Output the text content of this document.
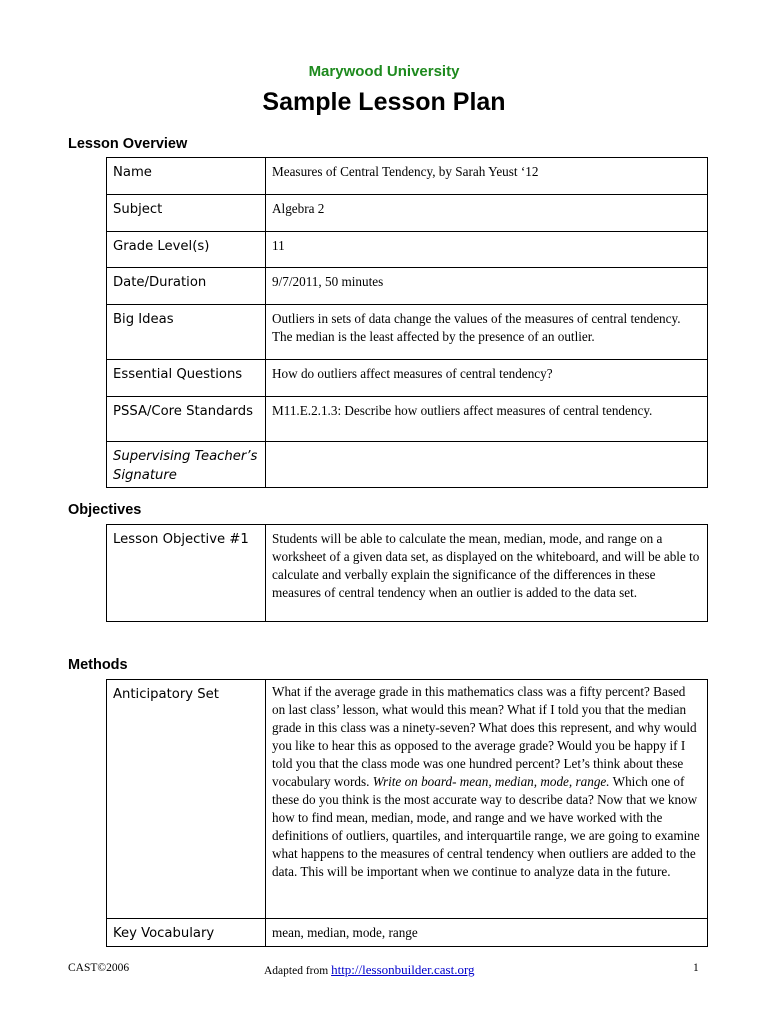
Marywood University
Sample Lesson Plan
Lesson Overview
Name	Measures of Central Tendency, by Sarah Yeust ‘12
Subject	Algebra 2
Grade Level(s)	11
Date/Duration	9/7/2011, 50 minutes
Big Ideas	Outliers in sets of data change the values of the measures of central tendency. The median is the least affected by the presence of an outlier.
Essential Questions	How do outliers affect measures of central tendency?
PSSA/Core Standards	M11.E.2.1.3: Describe how outliers affect measures of central tendency.
Supervising Teacher’s Signature	
Objectives
Lesson Objective #1	Students will be able to calculate the mean, median, mode, and range on a worksheet of a given data set, as displayed on the whiteboard, and will be able to calculate and verbally explain the significance of the differences in these measures of central tendency when an outlier is added to the data set.
Methods
Anticipatory Set	What if the average grade in this mathematics class was a fifty percent? Based on last class’ lesson, what would this mean? What if I told you that the median grade in this class was a ninety-seven? What does this represent, and why would you like to hear this as opposed to the average grade? Would you be happy if I told you that the class mode was one hundred percent? Let’s think about these vocabulary words. Write on board- mean, median, mode, range. Which one of these do you think is the most accurate way to describe data? Now that we know how to find mean, median, mode, and range and we have worked with the definitions of outliers, quartiles, and interquartile range, we are going to examine what happens to the measures of central tendency when outliers are added to the data. This will be important when we continue to analyze data in the future.
Key Vocabulary	mean, median, mode, range
CAST©2006	Adapted from http://lessonbuilder.cast.org	1
